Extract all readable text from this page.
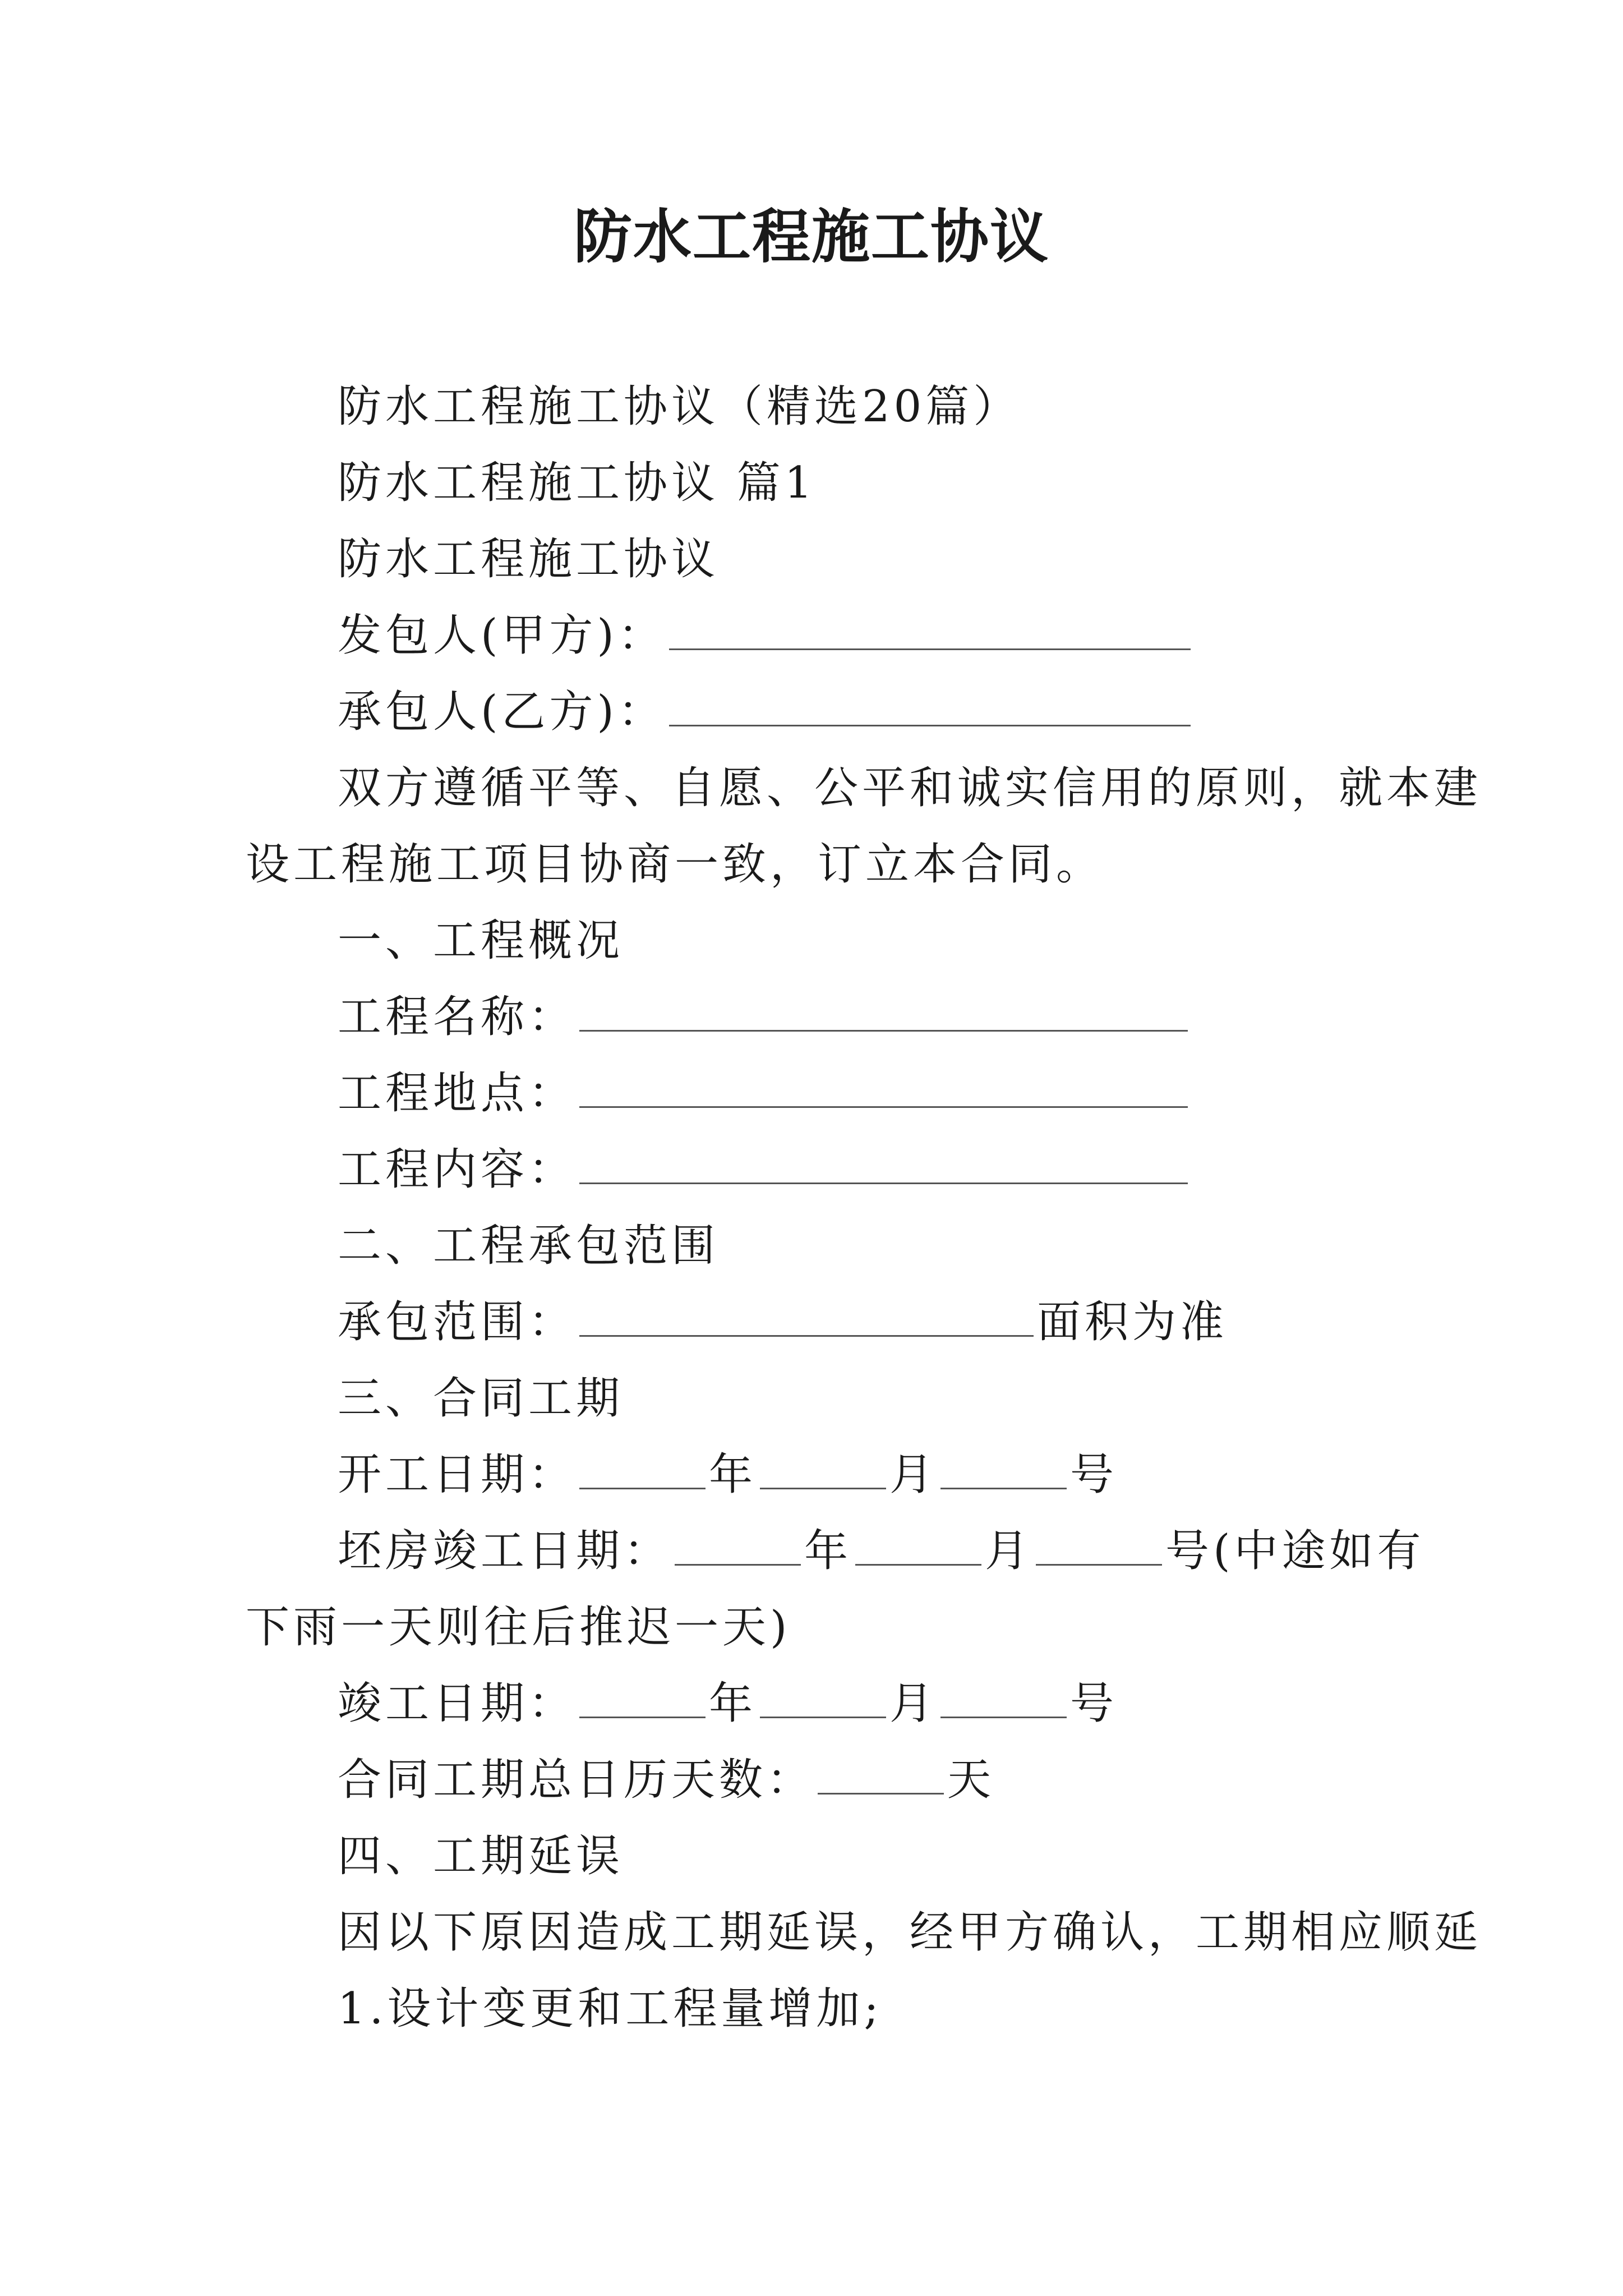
防水工程施工协议
防水工程施工协议（精选20篇）
防水工程施工协议 篇1
防水工程施工协议
发包人(甲方)：
承包人(乙方)：
双方遵循平等、自愿、公平和诚实信用的原则，就本建
设工程施工项目协商一致，订立本合同。
一、工程概况
工程名称：
工程地点：
工程内容：
二、工程承包范围
承包范围：	面积为准
三、合同工期
开工日期：	年	月	号
坯房竣工日期：	年	月	号(中途如有
下雨一天则往后推迟一天)
竣工日期：	年	月	号
合同工期总日历天数：	天
四、工期延误
因以下原因造成工期延误，经甲方确认，工期相应顺延
1.设计变更和工程量增加;
